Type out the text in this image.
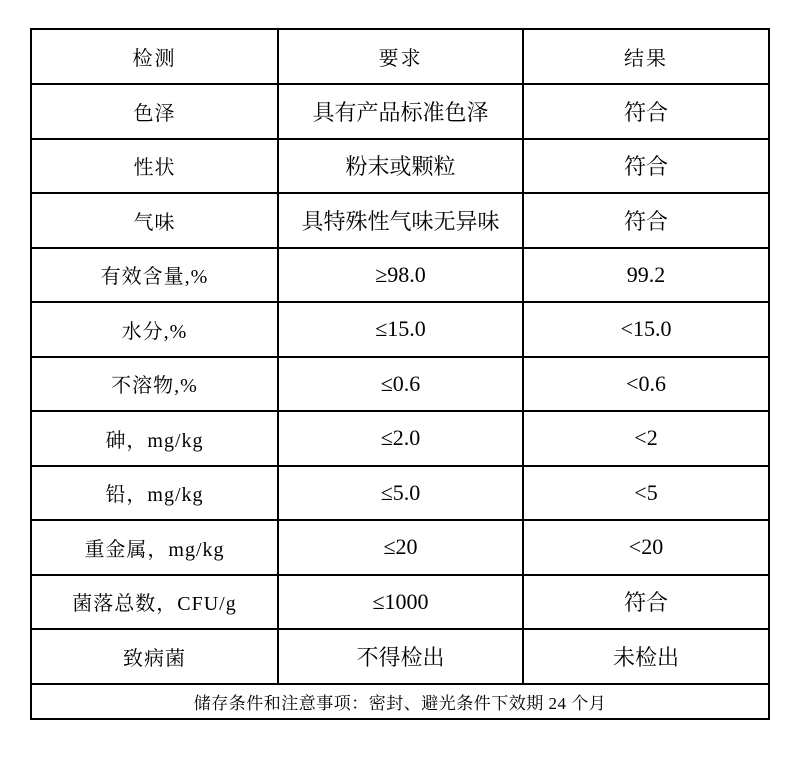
检测	要求	结果
色泽	具有产品标准色泽	符合
性状	粉末或颗粒	符合
气味	具特殊性气味无异味	符合
有效含量,%	≥98.0	99.2
水分,%	≤15.0	<15.0
不溶物,%	≤0.6	<0.6
砷，mg/kg	≤2.0	<2
铅，mg/kg	≤5.0	<5
重金属，mg/kg	≤20	<20
菌落总数，CFU/g	≤1000	符合
致病菌	不得检出	未检出
储存条件和注意事项：密封、避光条件下效期 24 个月		
